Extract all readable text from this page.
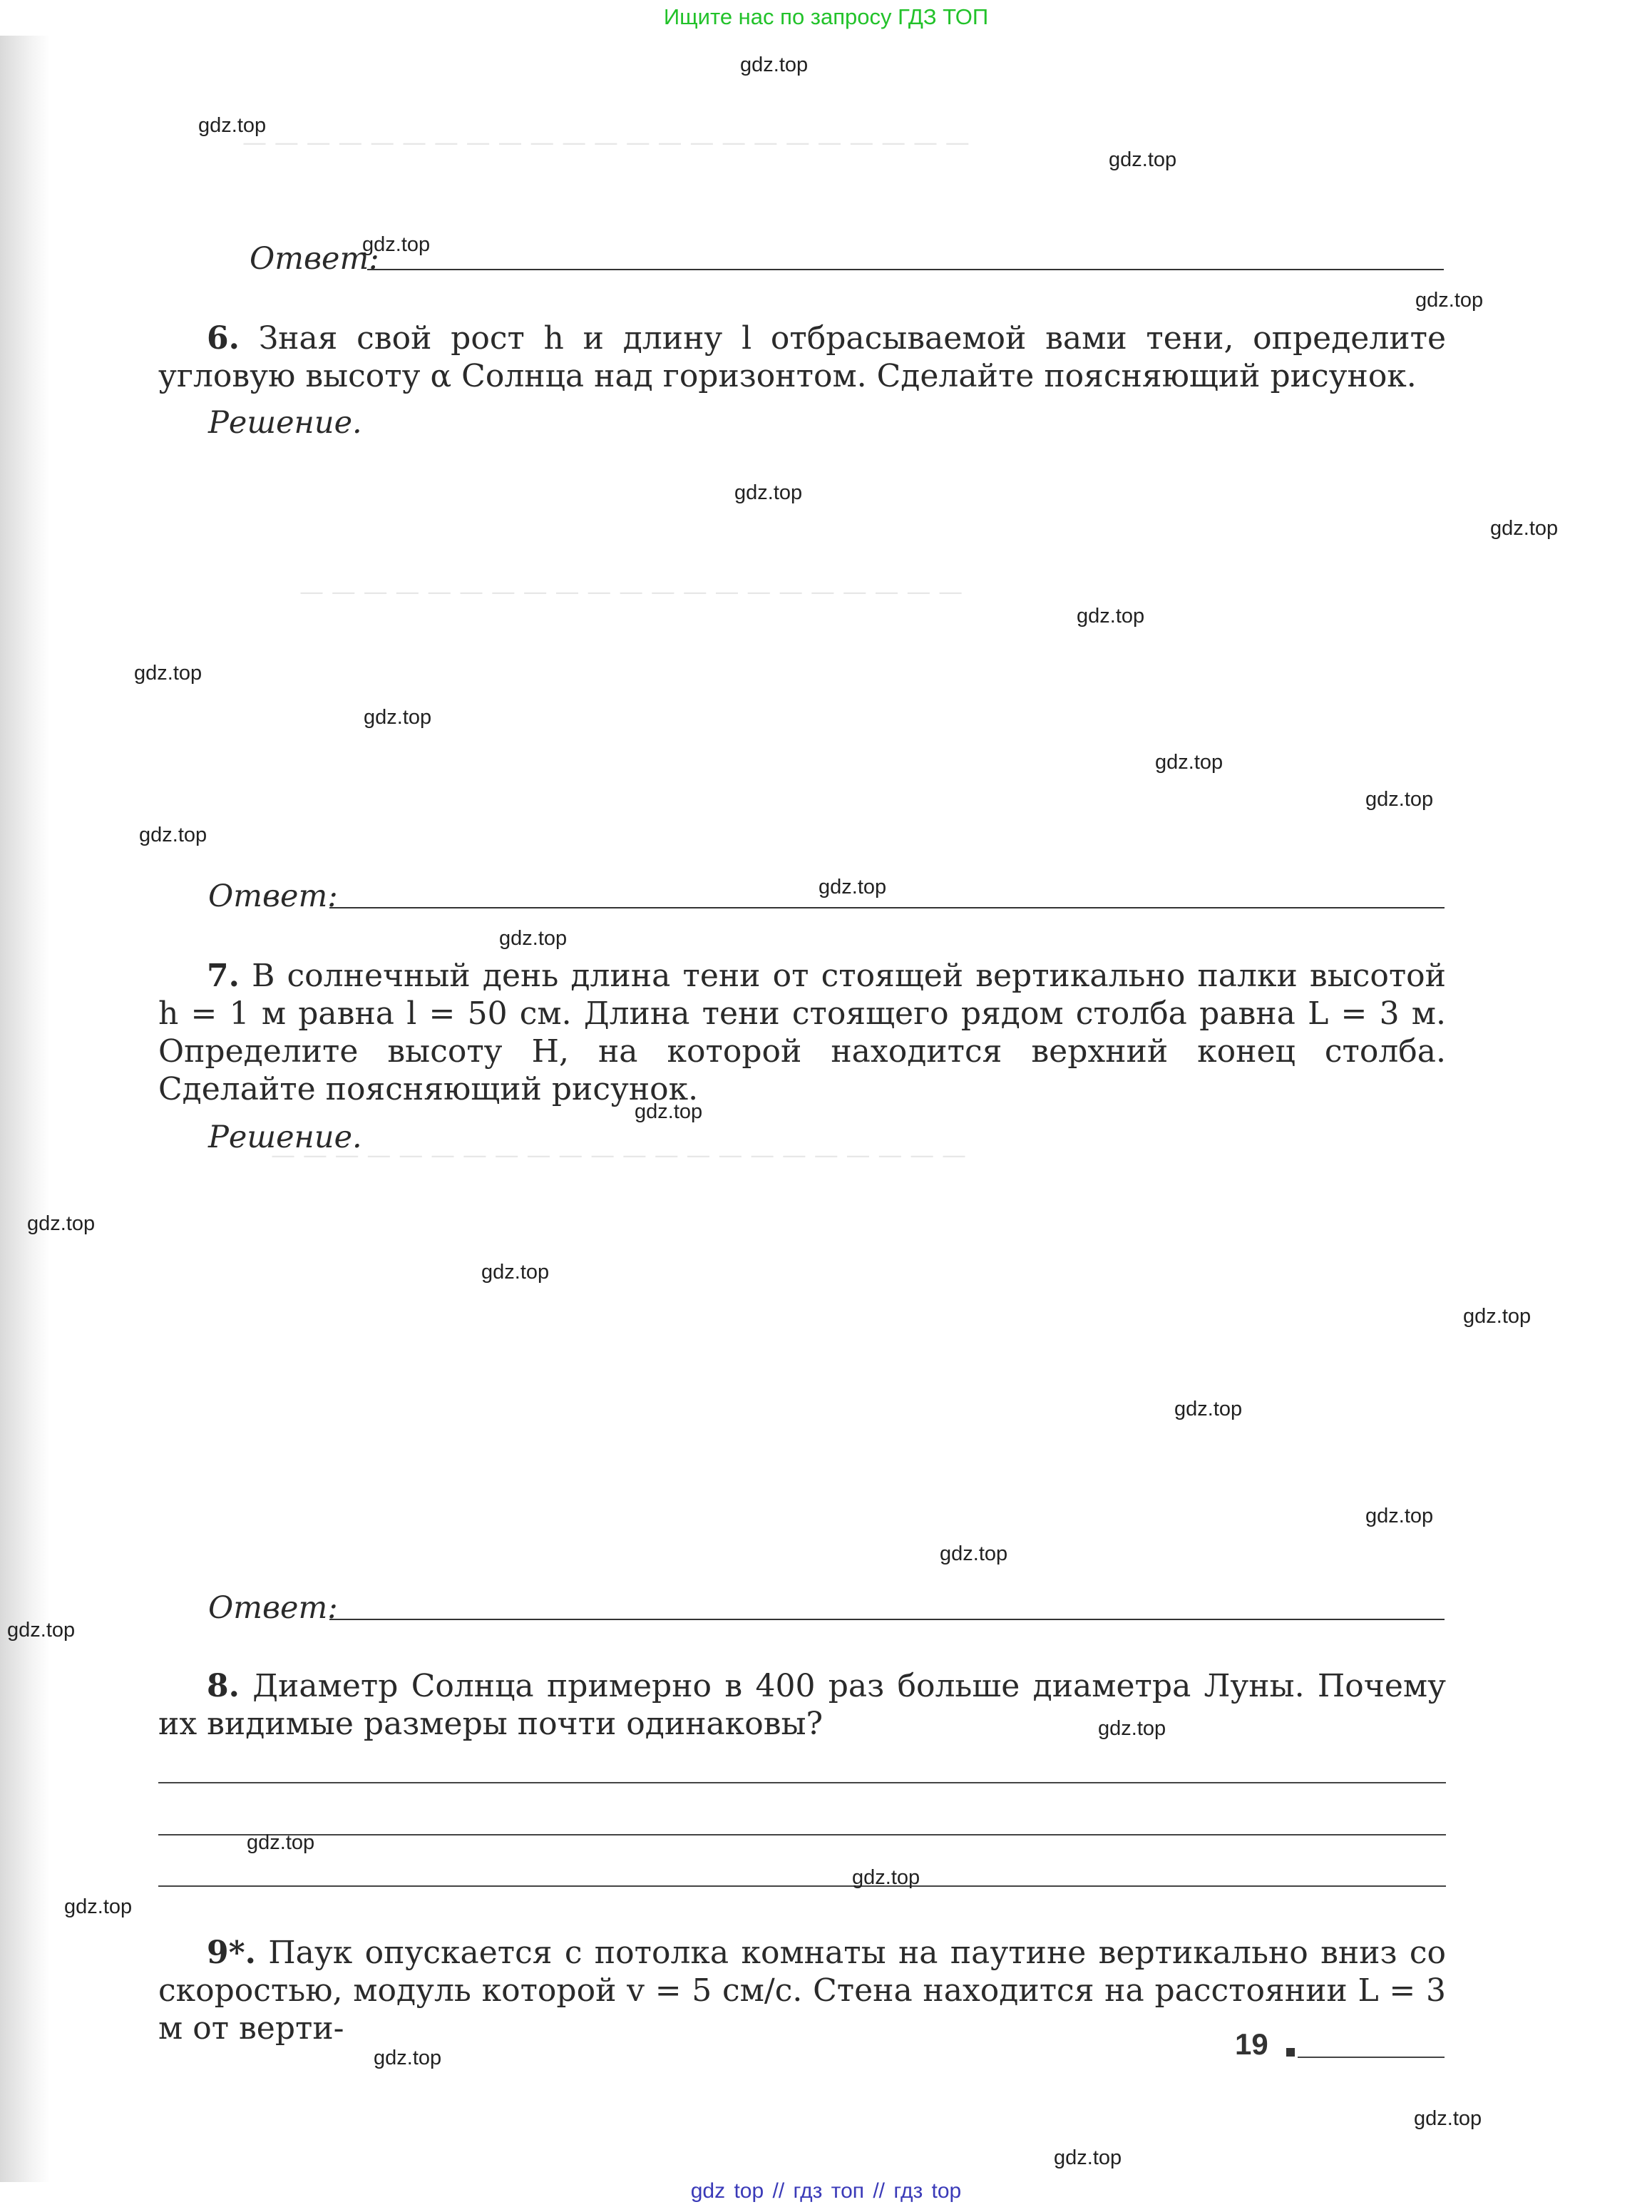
— — — — — — — — — — — — — — — — — — — — — — —
— — — — — — — — — — — — — — — — — — — — —
— — — — — — — — — — — — — — — — — — — — — —
Ищите нас по запросу ГДЗ ТОП
Ответ:
6. Зная свой рост h и длину l отбрасываемой вами тени, определите угловую высоту α Солнца над горизонтом. Сделайте поясняющий рисунок.
Решение.
Ответ:
7. В солнечный день длина тени от стоящей вертикально палки высотой h = 1 м равна l = 50 см. Длина тени стоящего рядом столба равна L = 3 м. Определите высоту H, на которой находится верхний конец столба. Сделайте поясняющий рисунок.
Решение.
Ответ:
8. Диаметр Солнца примерно в 400 раз больше диаметра Луны. Почему их видимые размеры почти одинаковы?
9*. Паук опускается с потолка комнаты на паутине вертикально вниз со скоростью, модуль которой v = 5 см/с. Стена находится на расстоянии L = 3 м от верти-	19
gdz.top
gdz.top
gdz.top
gdz.top
gdz.top
gdz.top
gdz.top
gdz.top
gdz.top
gdz.top
gdz.top
gdz.top
gdz.top
gdz.top
gdz.top
gdz.top
gdz.top
gdz.top
gdz.top
gdz.top
gdz.top
gdz.top
gdz.top
gdz.top
gdz.top
gdz.top
gdz.top
gdz.top
gdz.top
gdz.top
gdz top // гдз топ // гдз top
